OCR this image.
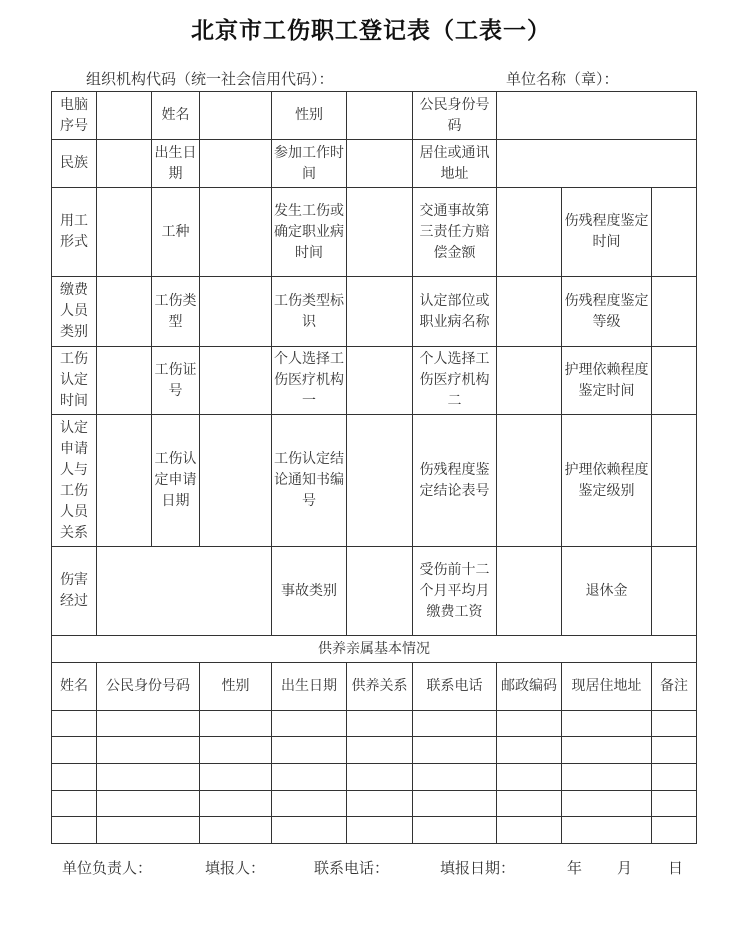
北京市工伤职工登记表（工表一）
组织机构代码（统一社会信用代码）：	单位名称（章）：
电脑序号		姓名		性别		公民身份号码			
民族		出生日期		参加工作时间		居住或通讯地址			
用工形式		工种		发生工伤或确定职业病时间		交通事故第三责任方赔偿金额		伤残程度鉴定时间	
缴费人员类别		工伤类型		工伤类型标识		认定部位或职业病名称		伤残程度鉴定等级	
工伤认定时间		工伤证号		个人选择工伤医疗机构一		个人选择工伤医疗机构二		护理依赖程度鉴定时间	
认定申请人与工伤人员关系		工伤认定申请日期		工伤认定结论通知书编号		伤残程度鉴定结论表号		护理依赖程度鉴定级别	
伤害经过				事故类别		受伤前十二个月平均月缴费工资		退休金	
供养亲属基本情况									
姓名	公民身份号码		性别	出生日期	供养关系	联系电话	邮政编码	现居住地址	备注

单位负责人：	填报人：	联系电话：	填报日期：	年 月 日
